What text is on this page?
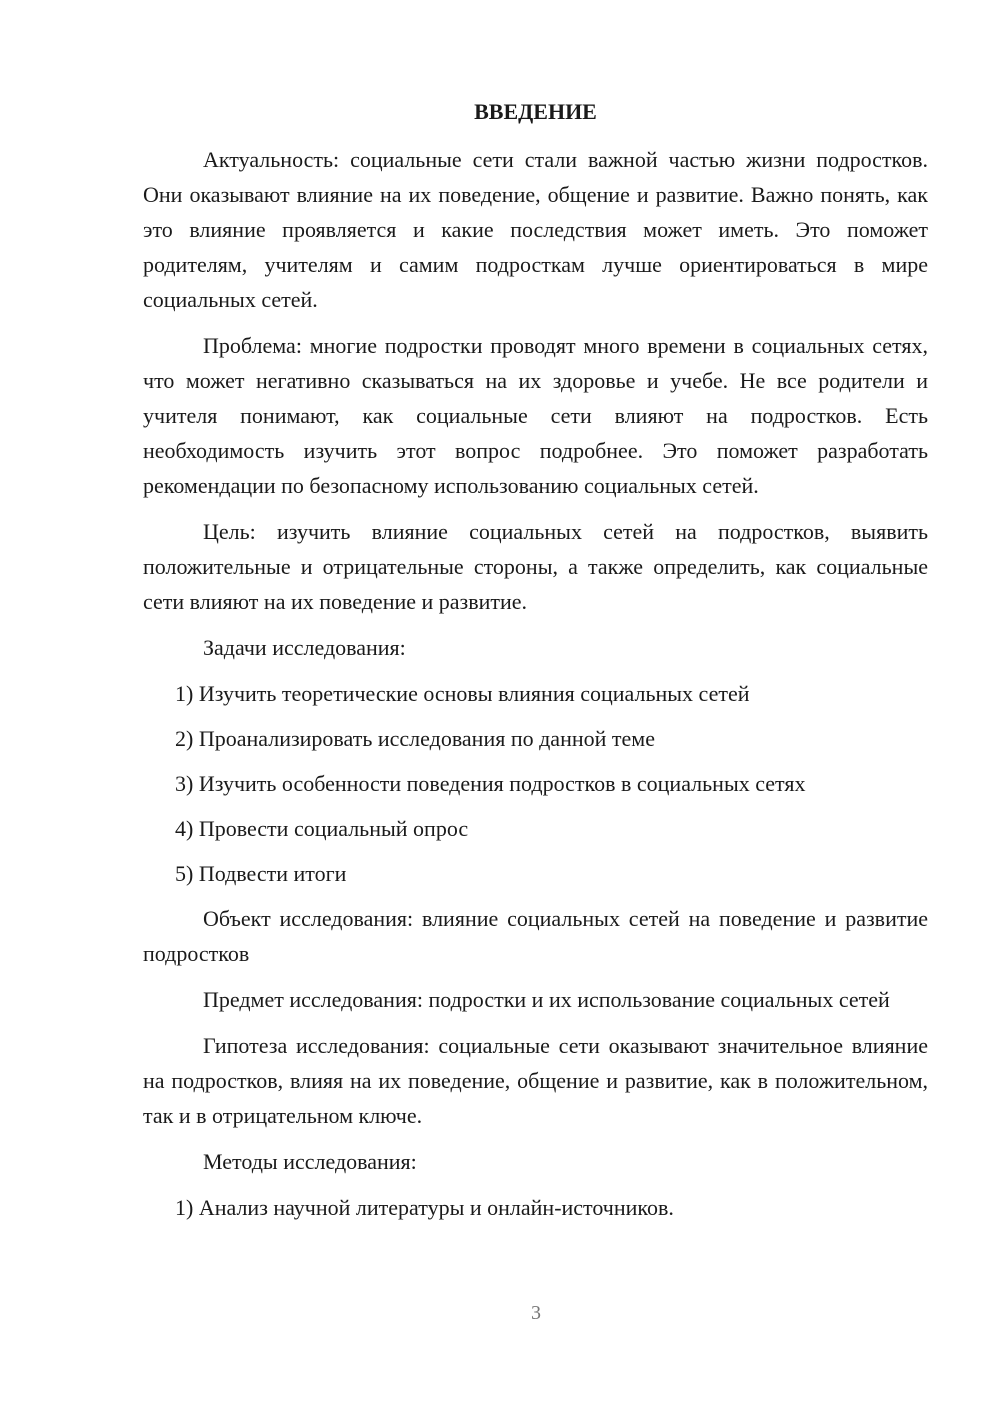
ВВЕДЕНИЕ

Актуальность: социальные сети стали важной частью жизни подростков. Они оказывают влияние на их поведение, общение и развитие. Важно понять, как это влияние проявляется и какие последствия может иметь. Это поможет родителям, учителям и самим подросткам лучше ориентироваться в мире социальных сетей.

Проблема: многие подростки проводят много времени в социальных сетях, что может негативно сказываться на их здоровье и учебе. Не все родители и учителя понимают, как социальные сети влияют на подростков. Есть необходимость изучить этот вопрос подробнее. Это поможет разработать рекомендации по безопасному использованию социальных сетей.

Цель: изучить влияние социальных сетей на подростков, выявить положительные и отрицательные стороны, а также определить, как социальные сети влияют на их поведение и развитие.

Задачи исследования:

1) Изучить теоретические основы влияния социальных сетей

2) Проанализировать исследования по данной теме

3) Изучить особенности поведения подростков в социальных сетях

4) Провести социальный опрос

5) Подвести итоги

Объект исследования: влияние социальных сетей на поведение и развитие подростков

Предмет исследования: подростки и их использование социальных сетей

Гипотеза исследования: социальные сети оказывают значительное влияние на подростков, влияя на их поведение, общение и развитие, как в положительном, так и в отрицательном ключе.

Методы исследования:

1) Анализ научной литературы и онлайн-источников.

3
